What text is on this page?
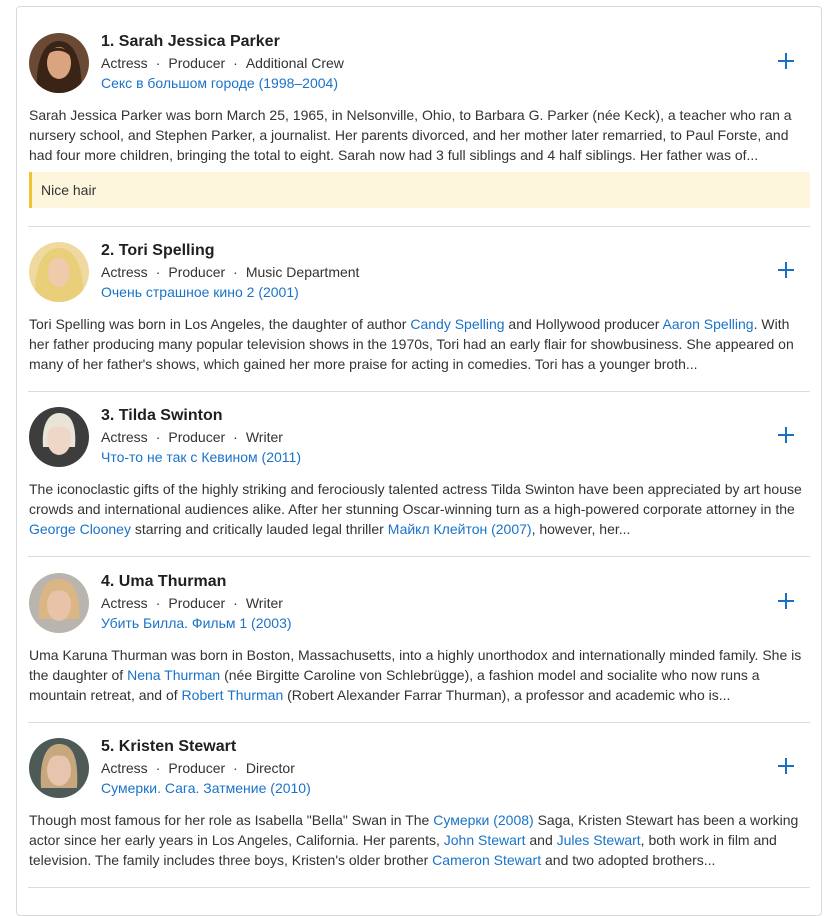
1. Sarah Jessica Parker
Actress · Producer · Additional Crew
Секс в большом городе (1998–2004)
Sarah Jessica Parker was born March 25, 1965, in Nelsonville, Ohio, to Barbara G. Parker (née Keck), a teacher who ran a nursery school, and Stephen Parker, a journalist. Her parents divorced, and her mother later remarried, to Paul Forste, and had four more children, bringing the total to eight. Sarah now had 3 full siblings and 4 half siblings. Her father was of...
Nice hair
2. Tori Spelling
Actress · Producer · Music Department
Очень страшное кино 2 (2001)
Tori Spelling was born in Los Angeles, the daughter of author Candy Spelling and Hollywood producer Aaron Spelling. With her father producing many popular television shows in the 1970s, Tori had an early flair for showbusiness. She appeared on many of her father's shows, which gained her more praise for acting in comedies. Tori has a younger broth...
3. Tilda Swinton
Actress · Producer · Writer
Что-то не так с Кевином (2011)
The iconoclastic gifts of the highly striking and ferociously talented actress Tilda Swinton have been appreciated by art house crowds and international audiences alike. After her stunning Oscar-winning turn as a high-powered corporate attorney in the George Clooney starring and critically lauded legal thriller Майкл Клейтон (2007), however, her...
4. Uma Thurman
Actress · Producer · Writer
Убить Билла. Фильм 1 (2003)
Uma Karuna Thurman was born in Boston, Massachusetts, into a highly unorthodox and internationally minded family. She is the daughter of Nena Thurman (née Birgitte Caroline von Schlebrügge), a fashion model and socialite who now runs a mountain retreat, and of Robert Thurman (Robert Alexander Farrar Thurman), a professor and academic who is...
5. Kristen Stewart
Actress · Producer · Director
Сумерки. Сага. Затмение (2010)
Though most famous for her role as Isabella "Bella" Swan in The Сумерки (2008) Saga, Kristen Stewart has been a working actor since her early years in Los Angeles, California. Her parents, John Stewart and Jules Stewart, both work in film and television. The family includes three boys, Kristen's older brother Cameron Stewart and two adopted brothers...
